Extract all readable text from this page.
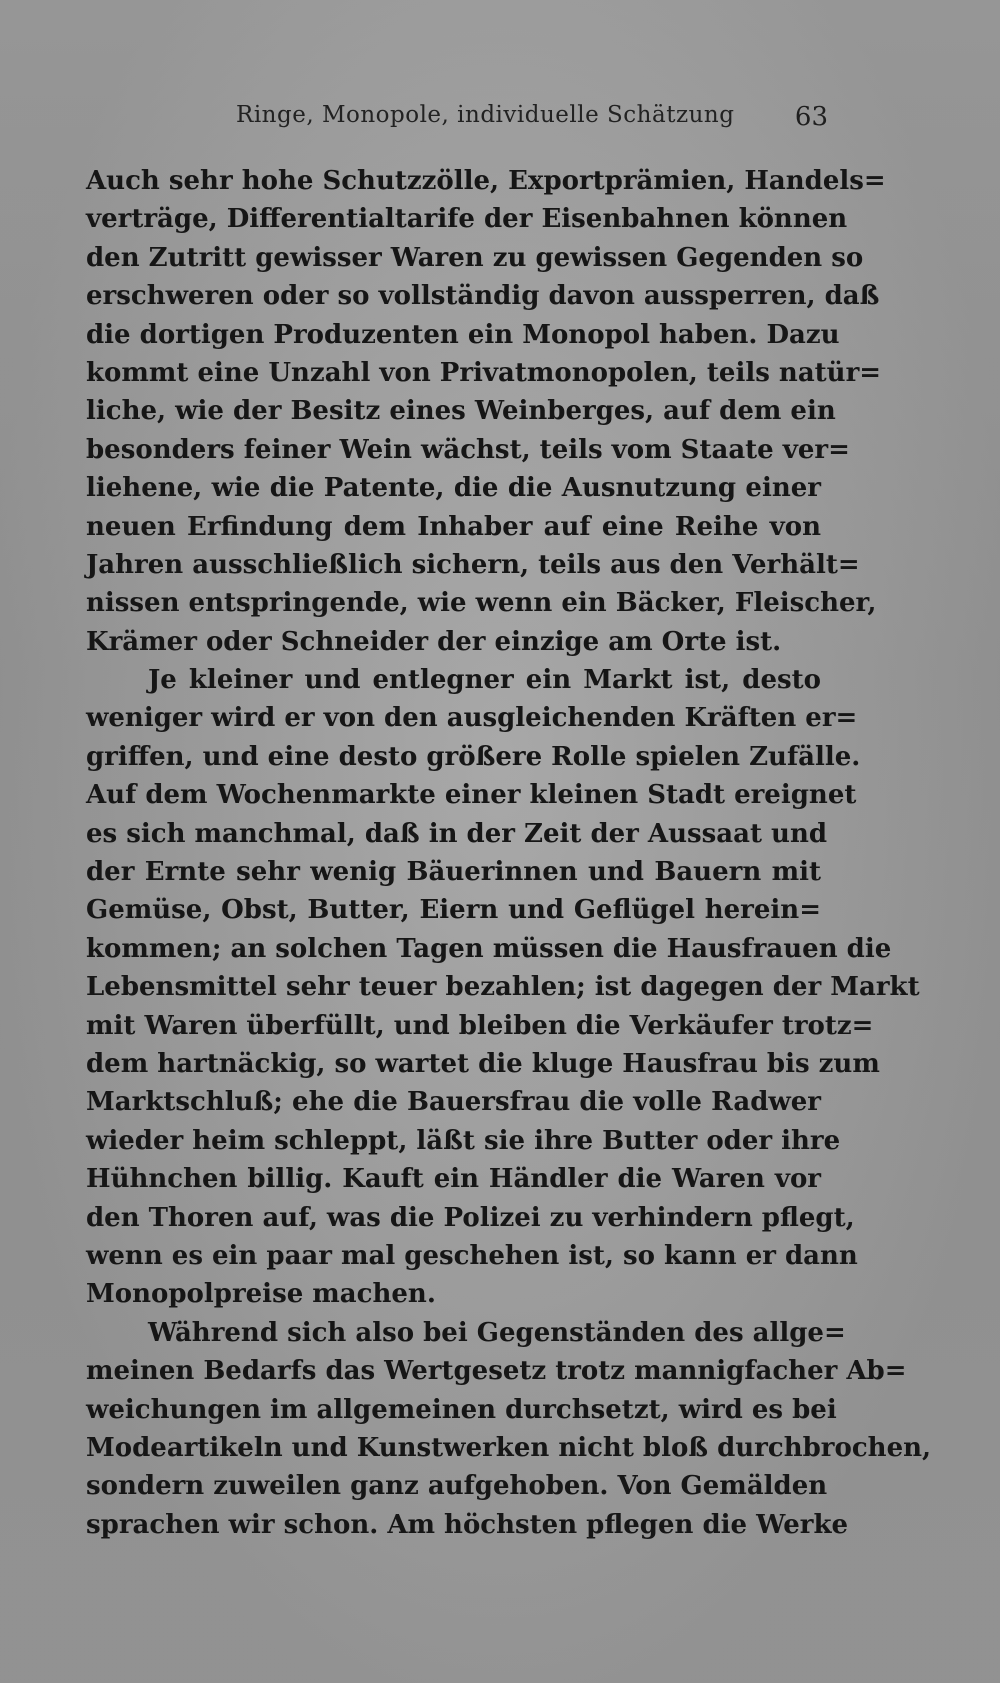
Ringe, Monopole, individuelle Schätzung 63
Auch sehr hohe Schutzzölle, Exportprämien, Handels=
verträge, Differentialtarife der Eisenbahnen können
den Zutritt gewisser Waren zu gewissen Gegenden so
erschweren oder so vollständig davon aussperren, daß
die dortigen Produzenten ein Monopol haben. Dazu
kommt eine Unzahl von Privatmonopolen, teils natür=
liche, wie der Besitz eines Weinberges, auf dem ein
besonders feiner Wein wächst, teils vom Staate ver=
liehene, wie die Patente, die die Ausnutzung einer
neuen Erfindung dem Inhaber auf eine Reihe von
Jahren ausschließlich sichern, teils aus den Verhält=
nissen entspringende, wie wenn ein Bäcker, Fleischer,
Krämer oder Schneider der einzige am Orte ist.
Je kleiner und entlegner ein Markt ist, desto
weniger wird er von den ausgleichenden Kräften er=
griffen, und eine desto größere Rolle spielen Zufälle.
Auf dem Wochenmarkte einer kleinen Stadt ereignet
es sich manchmal, daß in der Zeit der Aussaat und
der Ernte sehr wenig Bäuerinnen und Bauern mit
Gemüse, Obst, Butter, Eiern und Geflügel herein=
kommen; an solchen Tagen müssen die Hausfrauen die
Lebensmittel sehr teuer bezahlen; ist dagegen der Markt
mit Waren überfüllt, und bleiben die Verkäufer trotz=
dem hartnäckig, so wartet die kluge Hausfrau bis zum
Marktschluß; ehe die Bauersfrau die volle Radwer
wieder heim schleppt, läßt sie ihre Butter oder ihre
Hühnchen billig. Kauft ein Händler die Waren vor
den Thoren auf, was die Polizei zu verhindern pflegt,
wenn es ein paar mal geschehen ist, so kann er dann
Monopolpreise machen.
Während sich also bei Gegenständen des allge=
meinen Bedarfs das Wertgesetz trotz mannigfacher Ab=
weichungen im allgemeinen durchsetzt, wird es bei
Modeartikeln und Kunstwerken nicht bloß durchbrochen,
sondern zuweilen ganz aufgehoben. Von Gemälden
sprachen wir schon. Am höchsten pflegen die Werke
